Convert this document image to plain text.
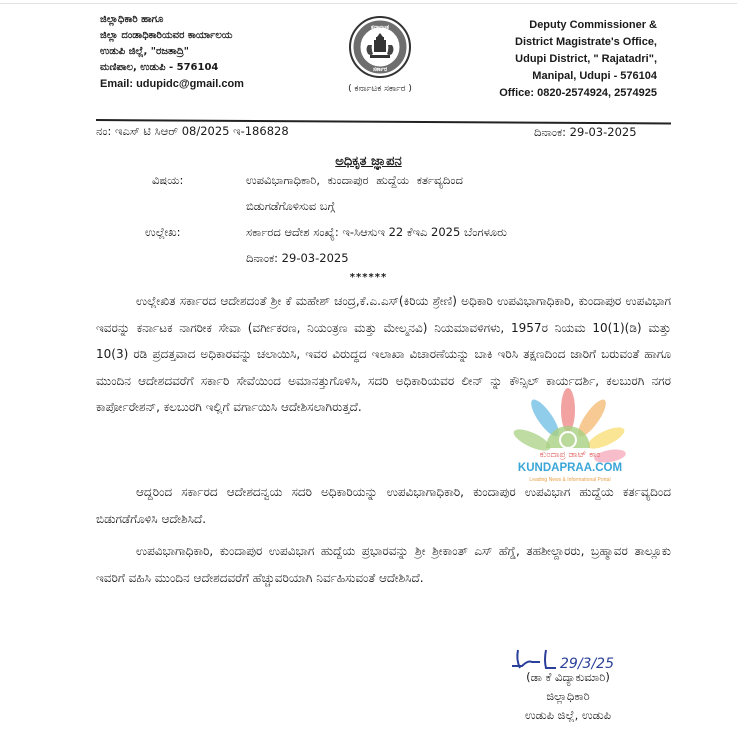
ಜಿಲ್ಲಾಧಿಕಾರಿ ಹಾಗೂ
ಜಿಲ್ಲಾ ದಂಡಾಧಿಕಾರಿಯವರ ಕಾರ್ಯಾಲಯ
ಉಡುಪಿ ಜಿಲ್ಲೆ, "ರಜತಾದ್ರಿ"
ಮಣಿಪಾಲ, ಉಡುಪಿ - 576104
Email: udupidc@gmail.com
ಕರ್ನಾಟಕ
ಸರ್ಕಾರ
( ಕರ್ನಾಟಕ ಸರ್ಕಾರ )
Deputy Commissioner &
District Magistrate's Office,
Udupi District, " Rajatadri",
Manipal, Udupi - 576104
Office: 0820-2574924, 2574925
ನಂ: ಇಎಸ್ ಟಿ ಸಿಆರ್ 08/2025 ಇ-186828	ದಿನಾಂಕ: 29-03-2025
ಅಧಿಕೃತ ಜ್ಞಾಪನ
ವಿಷಯ:	ಉಪವಿಭಾಗಾಧಿಕಾರಿ, ಕುಂದಾಪುರ ಹುದ್ದೆಯ ಕರ್ತವ್ಯದಿಂದ
ಬಿಡುಗಡೆಗೊಳಿಸುವ ಬಗ್ಗೆ
ಉಲ್ಲೇಖ:	ಸರ್ಕಾರದ ಆದೇಶ ಸಂಖ್ಯೆ: ಇ-ಸಿಆಸುಇ 22 ಕೆಇಎ 2025 ಬೆಂಗಳೂರು
ದಿನಾಂಕ: 29-03-2025
******

ಉಲ್ಲೇಖಿತ ಸರ್ಕಾರದ ಆದೇಶದಂತೆ ಶ್ರೀ ಕೆ ಮಹೇಶ್ ಚಂದ್ರ,ಕೆ.ಎ.ಎಸ್(ಕಿರಿಯ ಶ್ರೇಣಿ) ಅಧಿಕಾರಿ ಉಪವಿಭಾಗಾಧಿಕಾರಿ, ಕುಂದಾಪುರ ಉಪವಿಭಾಗ ಇವರನ್ನು ಕರ್ನಾಟಕ ನಾಗರೀಕ ಸೇವಾ (ವರ್ಗೀಕರಣ, ನಿಯಂತ್ರಣ ಮತ್ತು ಮೇಲ್ಮನವಿ) ನಿಯಮಾವಳಿಗಳು, 1957ರ ನಿಯಮ 10(1)(ಡಿ) ಮತ್ತು 10(3) ರಡಿ ಪ್ರದತ್ತವಾದ ಅಧಿಕಾರವನ್ನು ಚಲಾಯಿಸಿ, ಇವರ ವಿರುದ್ಧದ ಇಲಾಖಾ ವಿಚಾರಣೆಯನ್ನು ಬಾಕಿ ಇರಿಸಿ ತಕ್ಷಣದಿಂದ ಜಾರಿಗೆ ಬರುವಂತೆ ಹಾಗೂ ಮುಂದಿನ ಆದೇಶದವರೆಗೆ ಸರ್ಕಾರಿ ಸೇವೆಯಿಂದ ಅಮಾನತ್ತುಗೊಳಿಸಿ, ಸದರಿ ಅಧಿಕಾರಿಯವರ ಲೀನ್ ನ್ನು ಕೌನ್ಸಿಲ್ ಕಾರ್ಯದರ್ಶಿ, ಕಲಬುರಗಿ ನಗರ ಕಾರ್ಪೋರೇಶನ್, ಕಲಬುರಗಿ ಇಲ್ಲಿಗೆ ವರ್ಗಾಯಿಸಿ ಆದೇಶಿಸಲಾಗಿರುತ್ತದೆ.

ಆದ್ದರಿಂದ ಸರ್ಕಾರದ ಆದೇಶದನ್ವಯ ಸದರಿ ಅಧಿಕಾರಿಯನ್ನು ಉಪವಿಭಾಗಾಧಿಕಾರಿ, ಕುಂದಾಪುರ ಉಪವಿಭಾಗ ಹುದ್ದೆಯ ಕರ್ತವ್ಯದಿಂದ ಬಿಡುಗಡೆಗೊಳಿಸಿ ಆದೇಶಿಸಿದೆ.

ಉಪವಿಭಾಗಾಧಿಕಾರಿ, ಕುಂದಾಪುರ ಉಪವಿಭಾಗ ಹುದ್ದೆಯ ಪ್ರಭಾರವನ್ನು ಶ್ರೀ ಶ್ರೀಕಾಂತ್ ಎಸ್ ಹೆಗ್ಡೆ, ತಹಶೀಲ್ದಾರರು, ಬ್ರಹ್ಮಾವರ ತಾಲ್ಲೂಕು ಇವರಿಗೆ ವಹಿಸಿ ಮುಂದಿನ ಆದೇಶದವರೆಗೆ ಹೆಚ್ಚುವರಿಯಾಗಿ ನಿರ್ವಹಿಸುವಂತೆ ಆದೇಶಿಸಿದೆ.

ಕುಂದಾಪ್ರ ಡಾಟ್ ಕಾಂ
KUNDAPRAA.COM
Leading News & Informational Portal
29/3/25
(ಡಾ ಕೆ ವಿದ್ಯಾಕುಮಾರಿ)
ಜಿಲ್ಲಾಧಿಕಾರಿ
ಉಡುಪಿ ಜಿಲ್ಲೆ, ಉಡುಪಿ
